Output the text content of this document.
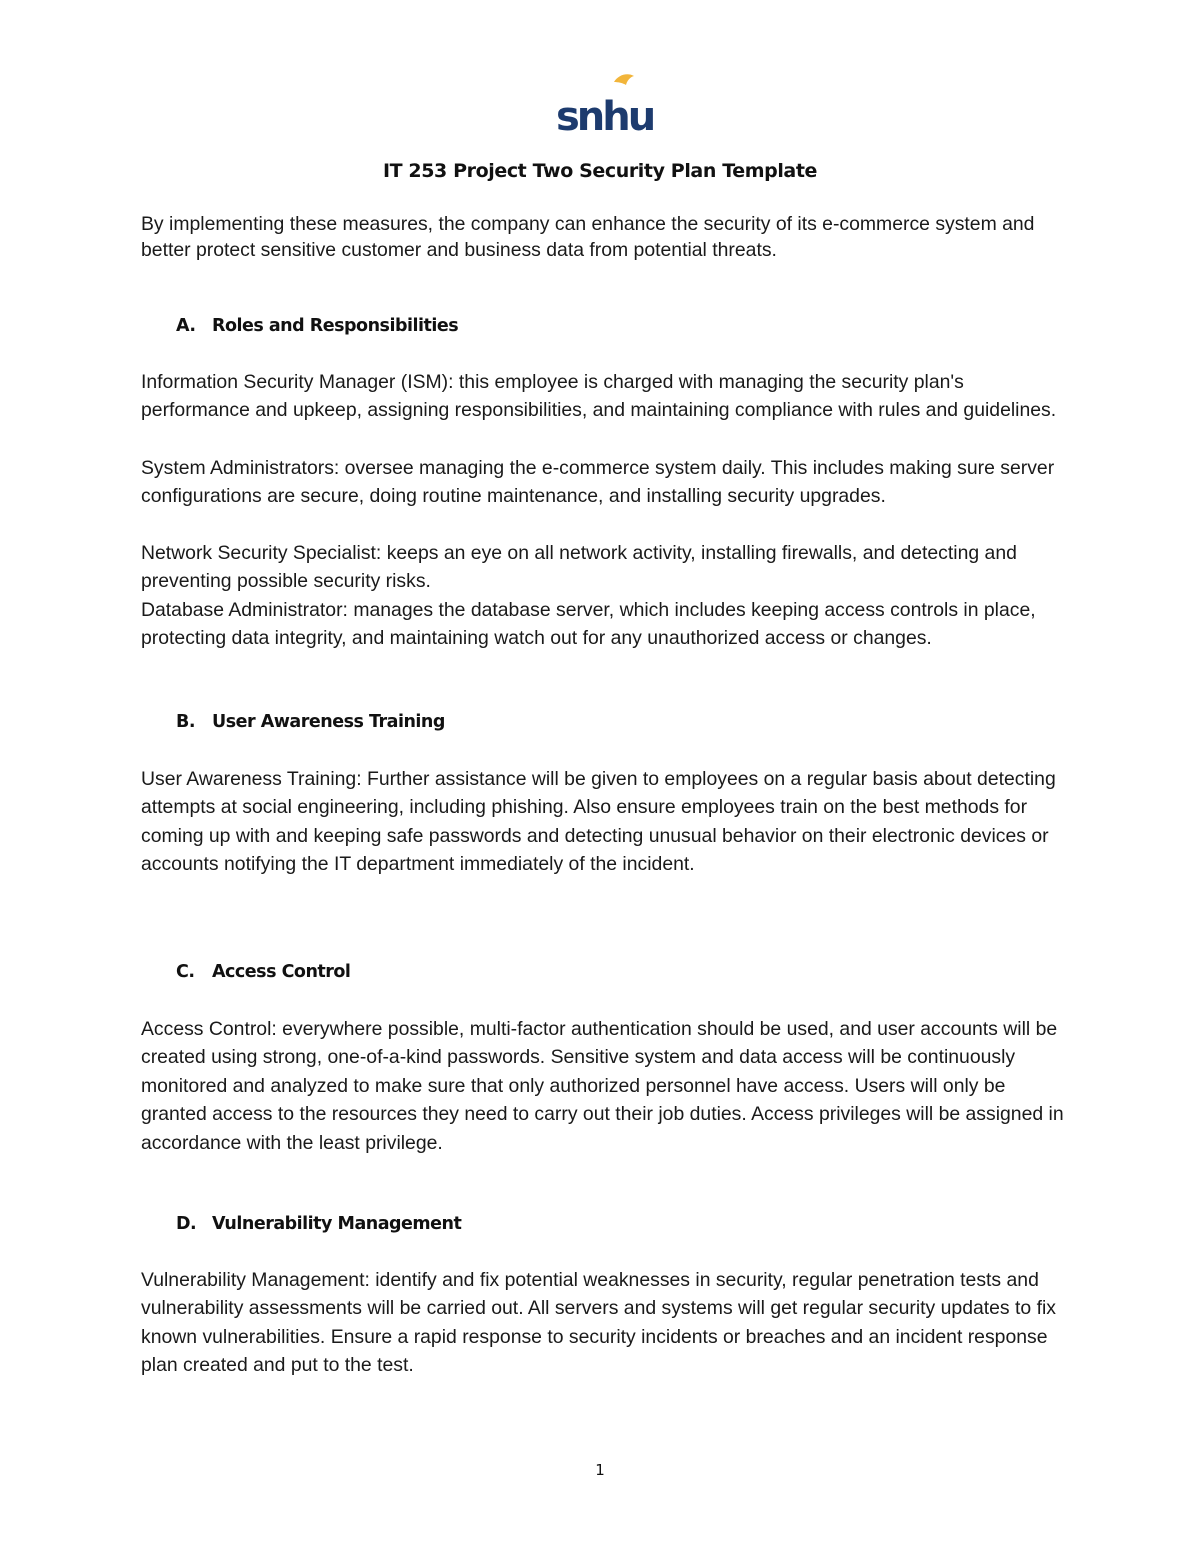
snhu
IT 253 Project Two Security Plan Template

By implementing these measures, the company can enhance the security of its e-commerce system and better protect sensitive customer and business data from potential threats.

A. Roles and Responsibilities

Information Security Manager (ISM): this employee is charged with managing the security plan's performance and upkeep, assigning responsibilities, and maintaining compliance with rules and guidelines.

System Administrators: oversee managing the e-commerce system daily. This includes making sure server configurations are secure, doing routine maintenance, and installing security upgrades.

Network Security Specialist: keeps an eye on all network activity, installing firewalls, and detecting and preventing possible security risks.

Database Administrator: manages the database server, which includes keeping access controls in place, protecting data integrity, and maintaining watch out for any unauthorized access or changes.

B. User Awareness Training

User Awareness Training: Further assistance will be given to employees on a regular basis about detecting attempts at social engineering, including phishing. Also ensure employees train on the best methods for coming up with and keeping safe passwords and detecting unusual behavior on their electronic devices or accounts notifying the IT department immediately of the incident.

C. Access Control

Access Control: everywhere possible, multi-factor authentication should be used, and user accounts will be created using strong, one-of-a-kind passwords. Sensitive system and data access will be continuously monitored and analyzed to make sure that only authorized personnel have access. Users will only be granted access to the resources they need to carry out their job duties. Access privileges will be assigned in accordance with the least privilege.

D. Vulnerability Management

Vulnerability Management: identify and fix potential weaknesses in security, regular penetration tests and vulnerability assessments will be carried out. All servers and systems will get regular security updates to fix known vulnerabilities. Ensure a rapid response to security incidents or breaches and an incident response plan created and put to the test.

1
